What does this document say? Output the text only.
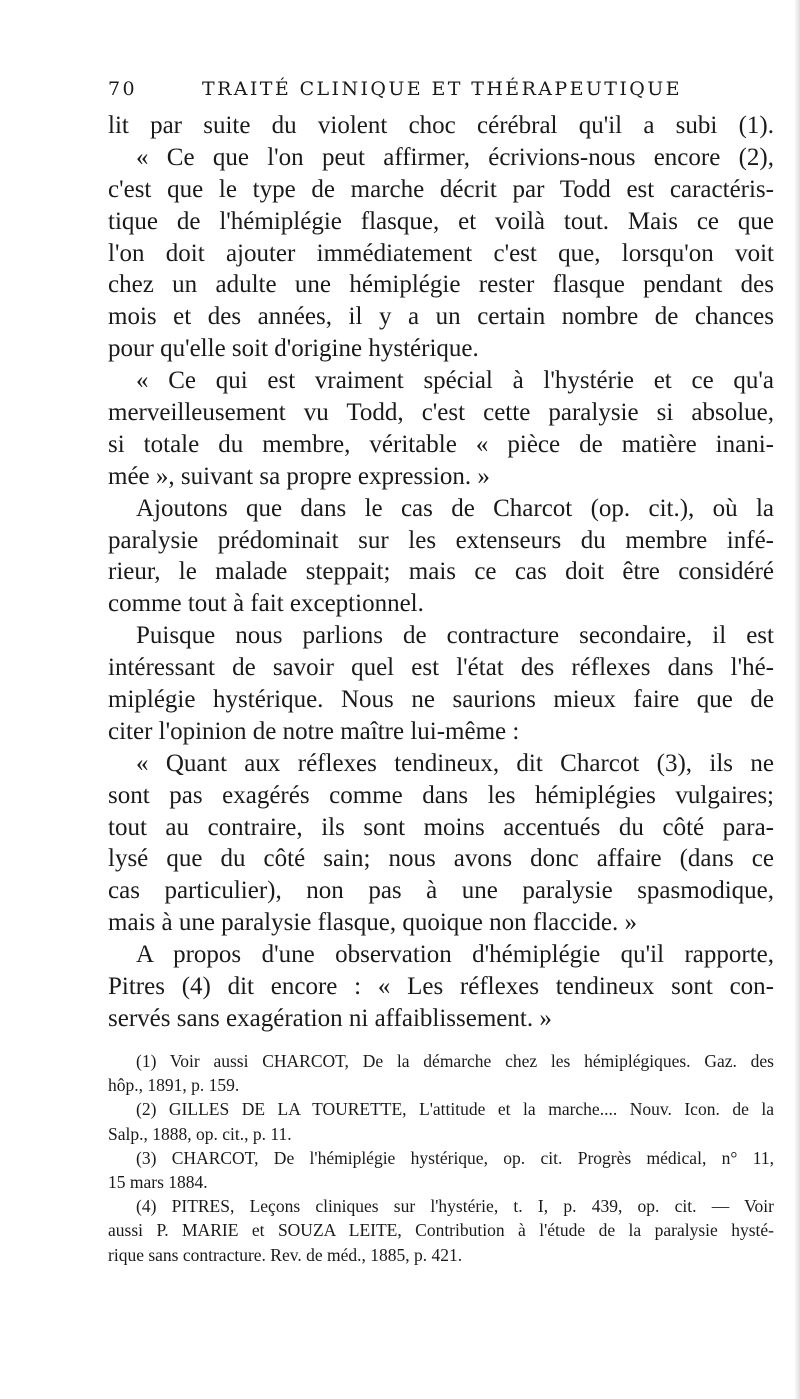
70	TRAITÉ CLINIQUE ET THÉRAPEUTIQUE
lit par suite du violent choc cérébral qu'il a subi (1).
« Ce que l'on peut affirmer, écrivions-nous encore (2),
c'est que le type de marche décrit par Todd est caractéris-
tique de l'hémiplégie flasque, et voilà tout. Mais ce que
l'on doit ajouter immédiatement c'est que, lorsqu'on voit
chez un adulte une hémiplégie rester flasque pendant des
mois et des années, il y a un certain nombre de chances
pour qu'elle soit d'origine hystérique.
« Ce qui est vraiment spécial à l'hystérie et ce qu'a
merveilleusement vu Todd, c'est cette paralysie si absolue,
si totale du membre, véritable « pièce de matière inani-
mée », suivant sa propre expression. »
Ajoutons que dans le cas de Charcot (op. cit.), où la
paralysie prédominait sur les extenseurs du membre infé-
rieur, le malade steppait; mais ce cas doit être considéré
comme tout à fait exceptionnel.
Puisque nous parlions de contracture secondaire, il est
intéressant de savoir quel est l'état des réflexes dans l'hé-
miplégie hystérique. Nous ne saurions mieux faire que de
citer l'opinion de notre maître lui-même :
« Quant aux réflexes tendineux, dit Charcot (3), ils ne
sont pas exagérés comme dans les hémiplégies vulgaires;
tout au contraire, ils sont moins accentués du côté para-
lysé que du côté sain; nous avons donc affaire (dans ce
cas particulier), non pas à une paralysie spasmodique,
mais à une paralysie flasque, quoique non flaccide. »
A propos d'une observation d'hémiplégie qu'il rapporte,
Pitres (4) dit encore : « Les réflexes tendineux sont con-
servés sans exagération ni affaiblissement. »
(1) Voir aussi CHARCOT, De la démarche chez les hémiplégiques. Gaz. des
hôp., 1891, p. 159.
(2) GILLES DE LA TOURETTE, L'attitude et la marche.... Nouv. Icon. de la
Salp., 1888, op. cit., p. 11.
(3) CHARCOT, De l'hémiplégie hystérique, op. cit. Progrès médical, n° 11,
15 mars 1884.
(4) PITRES, Leçons cliniques sur l'hystérie, t. I, p. 439, op. cit. — Voir
aussi P. MARIE et SOUZA LEITE, Contribution à l'étude de la paralysie hysté-
rique sans contracture. Rev. de méd., 1885, p. 421.
